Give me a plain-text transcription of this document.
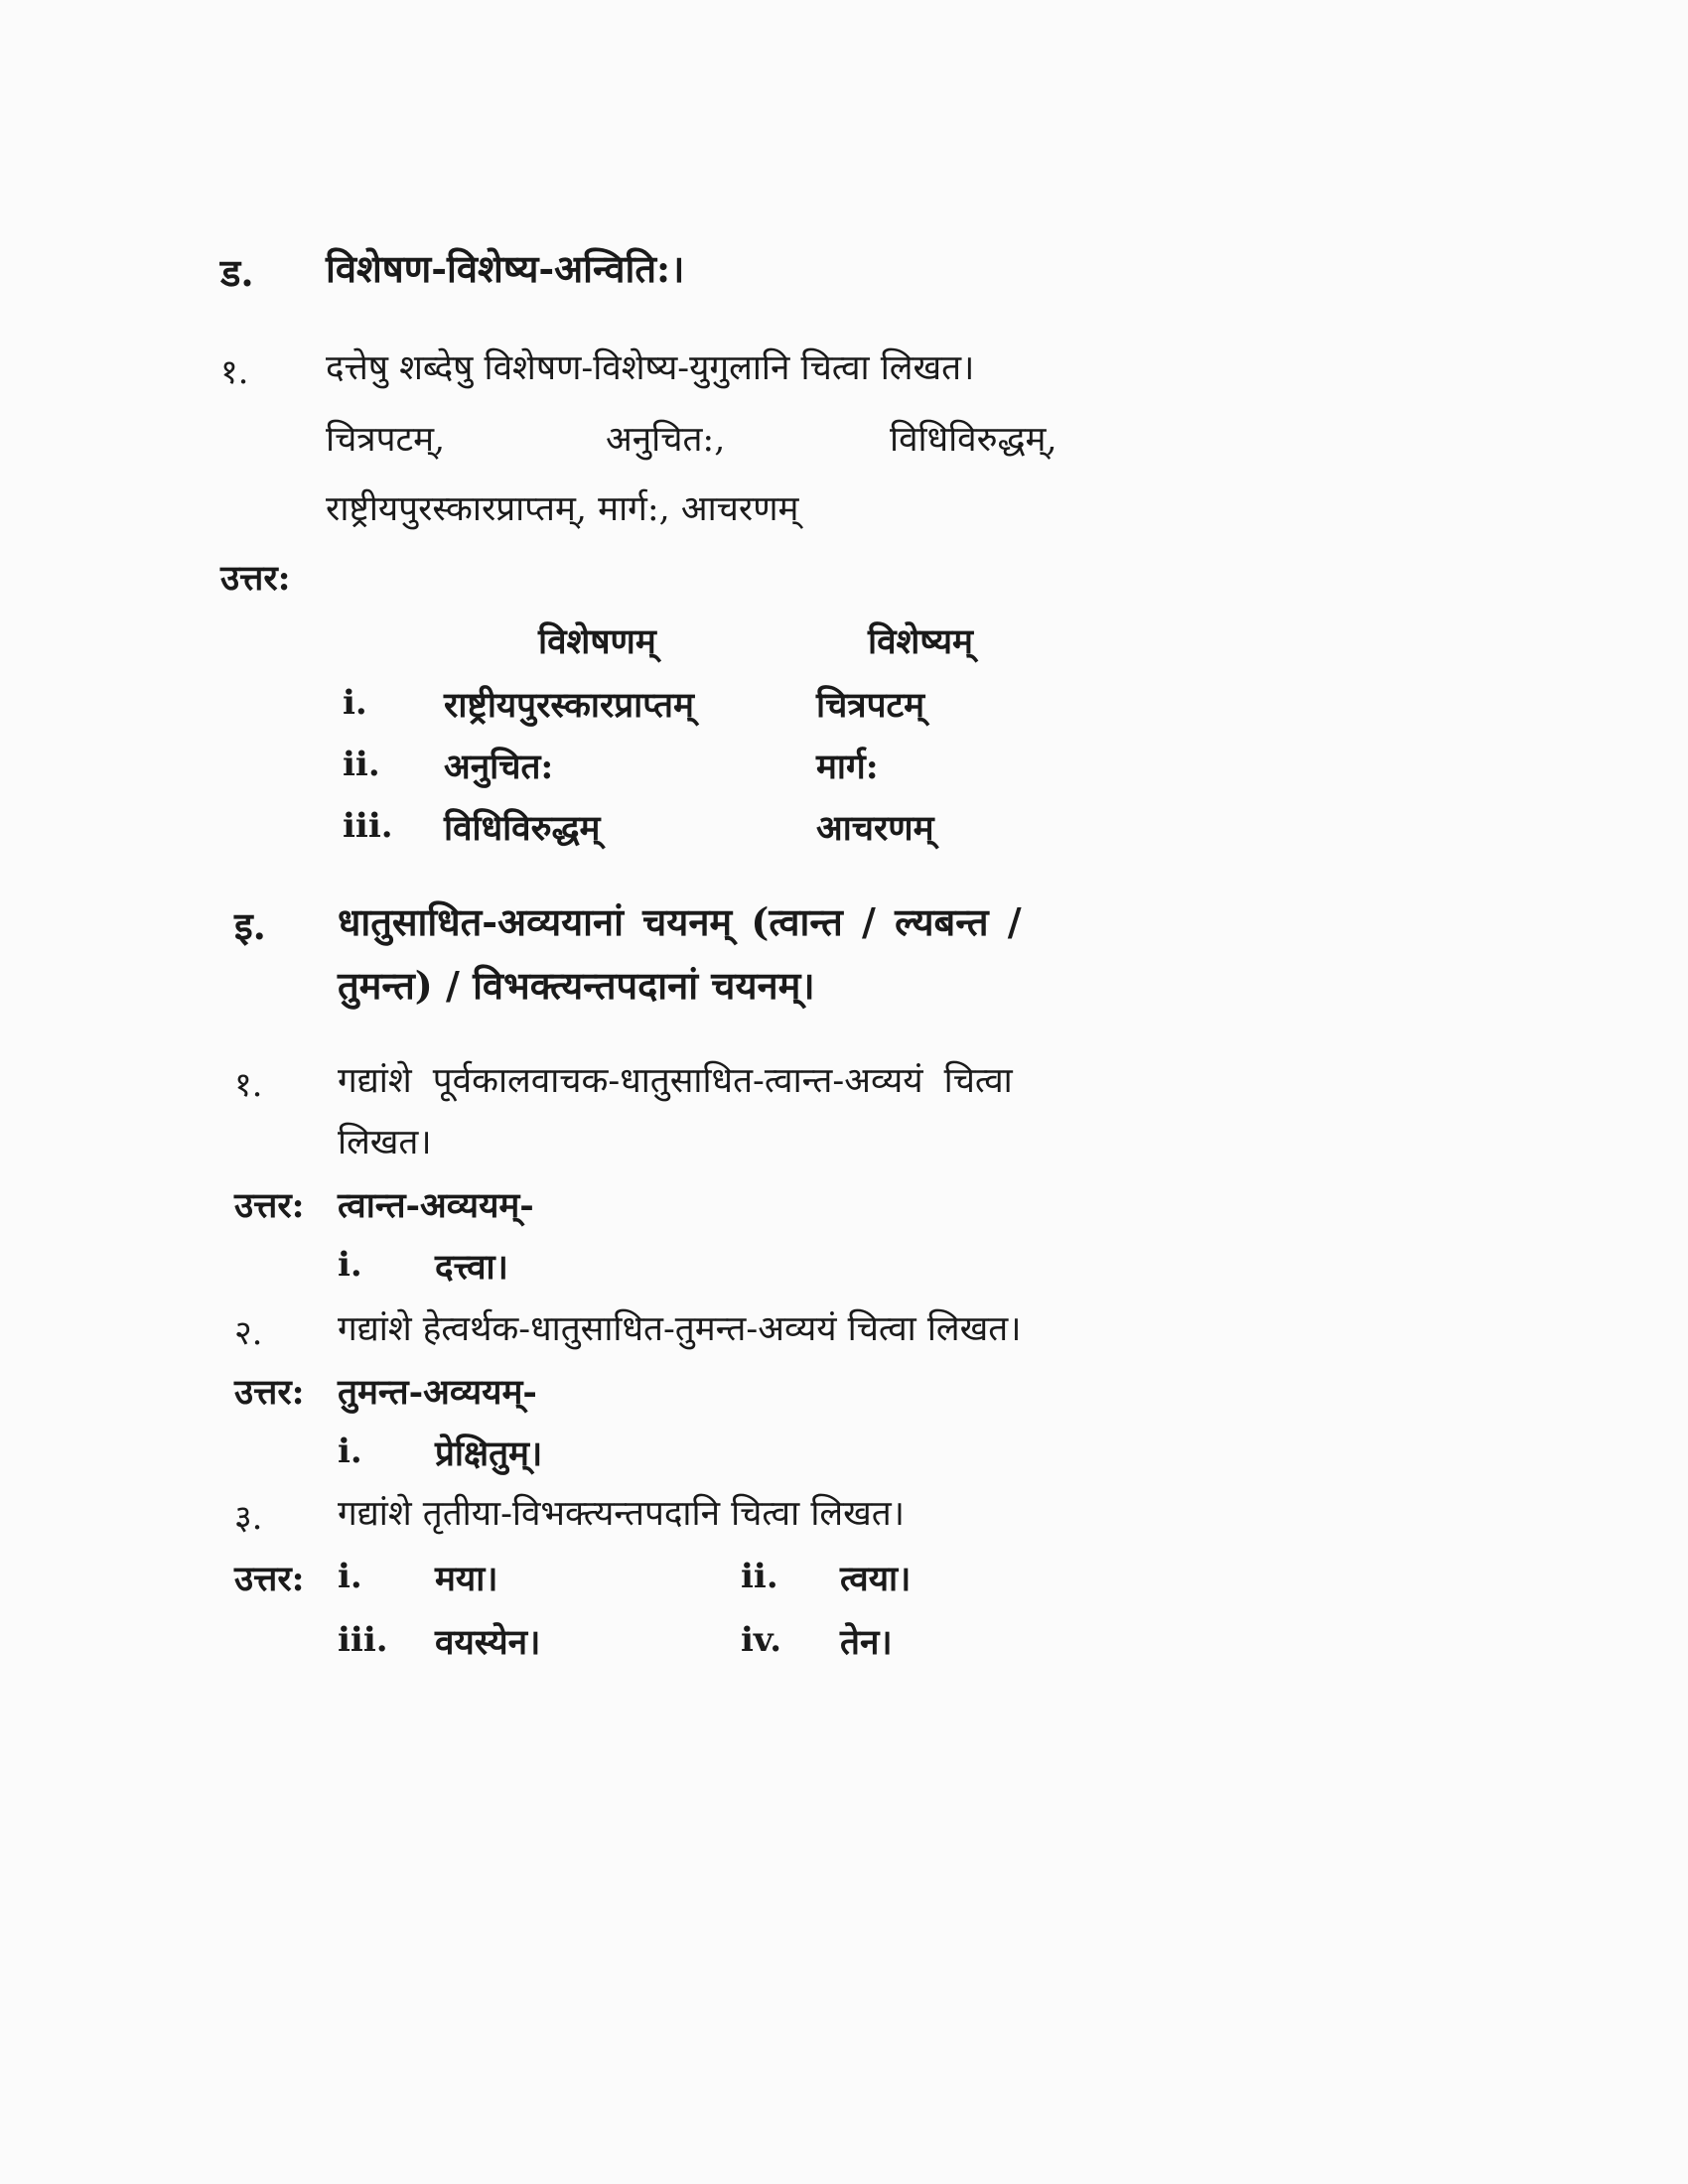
ड. विशेषण-विशेष्य-अन्विति:।
१. दत्तेषु शब्देषु विशेषण-विशेष्य-युगुलानि चित्वा लिखत।
चित्रपटम्,	अनुचित:,	विधिविरुद्धम्,
राष्ट्रीयपुरस्कारप्राप्तम्, मार्ग:, आचरणम्
उत्तर:
विशेषणम्	विशेष्यम्
i. राष्ट्रीयपुरस्कारप्राप्तम्	चित्रपटम्
ii. अनुचित:	मार्ग:
iii. विधिविरुद्धम्	आचरणम्
इ. धातुसाधित-अव्ययानां चयनम् (त्वान्त / ल्यबन्त /
तुमन्त) / विभक्त्यन्तपदानां चयनम्।
१. गद्यांशे पूर्वकालवाचक-धातुसाधित-त्वान्त-अव्ययं चित्वा
लिखत।
उत्तर: त्वान्त-अव्ययम्-
i. दत्त्वा।
२. गद्यांशे हेत्वर्थक-धातुसाधित-तुमन्त-अव्ययं चित्वा लिखत।
उत्तर: तुमन्त-अव्ययम्-
i. प्रेक्षितुम्।
३. गद्यांशे तृतीया-विभक्त्यन्तपदानि चित्वा लिखत।
उत्तर: i. मया।	ii. त्वया।
iii. वयस्येन।	iv. तेन।
